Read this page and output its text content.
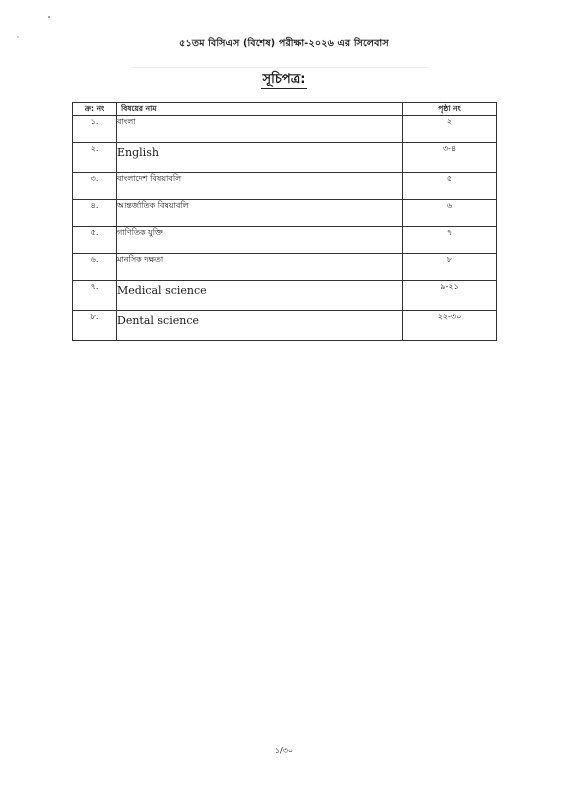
৫১তম বিসিএস (বিশেষ) পরীক্ষা-২০২৬ এর সিলেবাস
সূচিপত্র:
ক্র: নং	বিষয়ের নাম	পৃষ্ঠা নং
১.	বাংলা	২
২.	English	৩-৪
৩.	বাংলাদেশ বিষয়াবলি	৫
৪.	আন্তর্জাতিক বিষয়াবলি	৬
৫.	গাণিতিক যুক্তি	৭
৬.	মানসিক দক্ষতা	৮
৭.	Medical science	৯-২১
৮.	Dental science	২২-৩০
১/৩০
